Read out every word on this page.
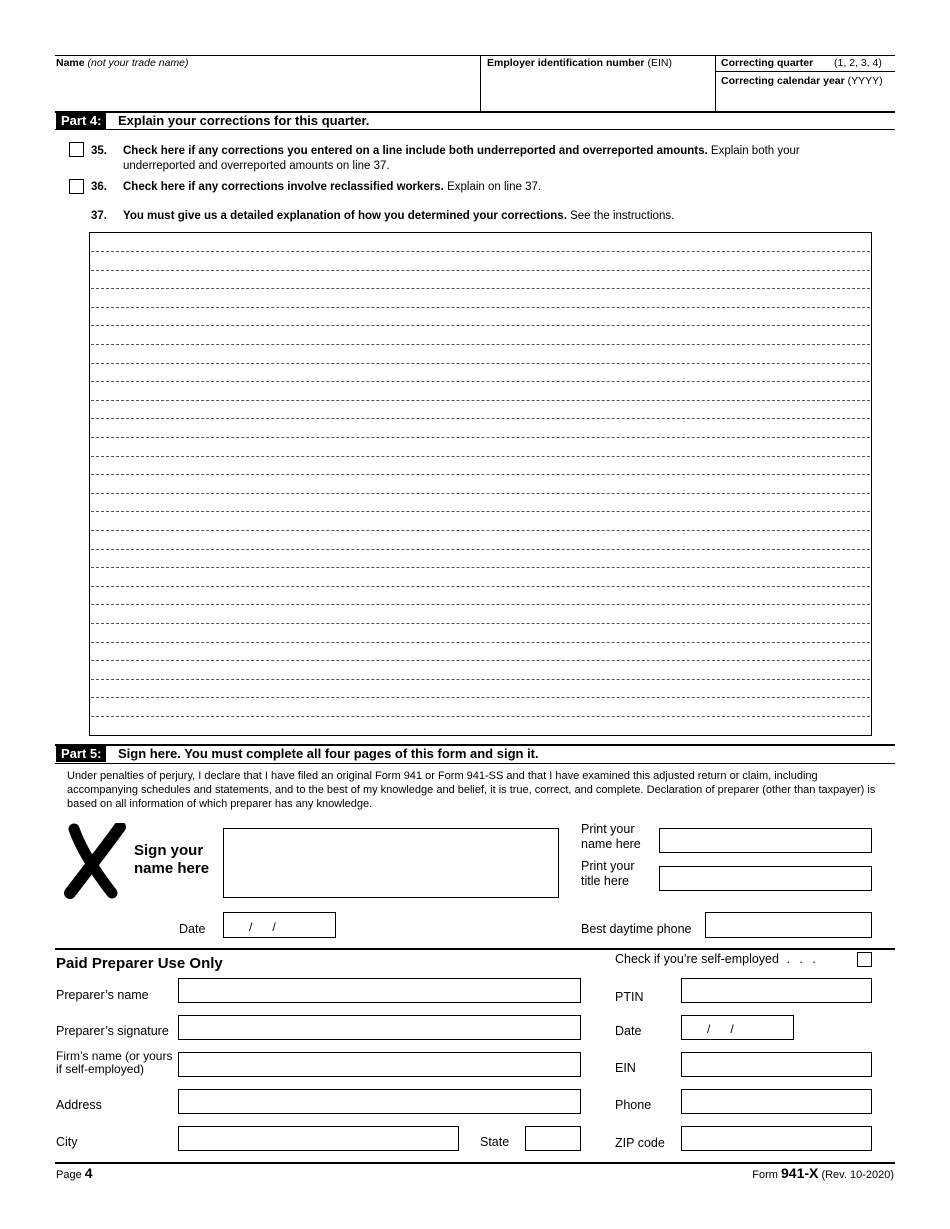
Name (not your trade name)	Employer identification number (EIN)	Correcting quarter (1, 2, 3, 4)
Correcting calendar year (YYYY)
Part 4:	Explain your corrections for this quarter.
35. Check here if any corrections you entered on a line include both underreported and overreported amounts. Explain both your underreported and overreported amounts on line 37.
36. Check here if any corrections involve reclassified workers. Explain on line 37.
37. You must give us a detailed explanation of how you determined your corrections. See the instructions.
Part 5:	Sign here. You must complete all four pages of this form and sign it.
Under penalties of perjury, I declare that I have filed an original Form 941 or Form 941-SS and that I have examined this adjusted return or claim, including accompanying schedules and statements, and to the best of my knowledge and belief, it is true, correct, and complete. Declaration of preparer (other than taxpayer) is based on all information of which preparer has any knowledge.
Sign your
name here
Print your
name here
Print your
title here
Date	/      /	Best daytime phone
Paid Preparer Use Only	Check if you’re self-employed . . .
Preparer’s name	PTIN
Preparer’s signature	Date	/      /
Firm’s name (or yours
if self-employed)	EIN
Address	Phone
City	State	ZIP code
Page 4	Form 941-X (Rev. 10-2020)
